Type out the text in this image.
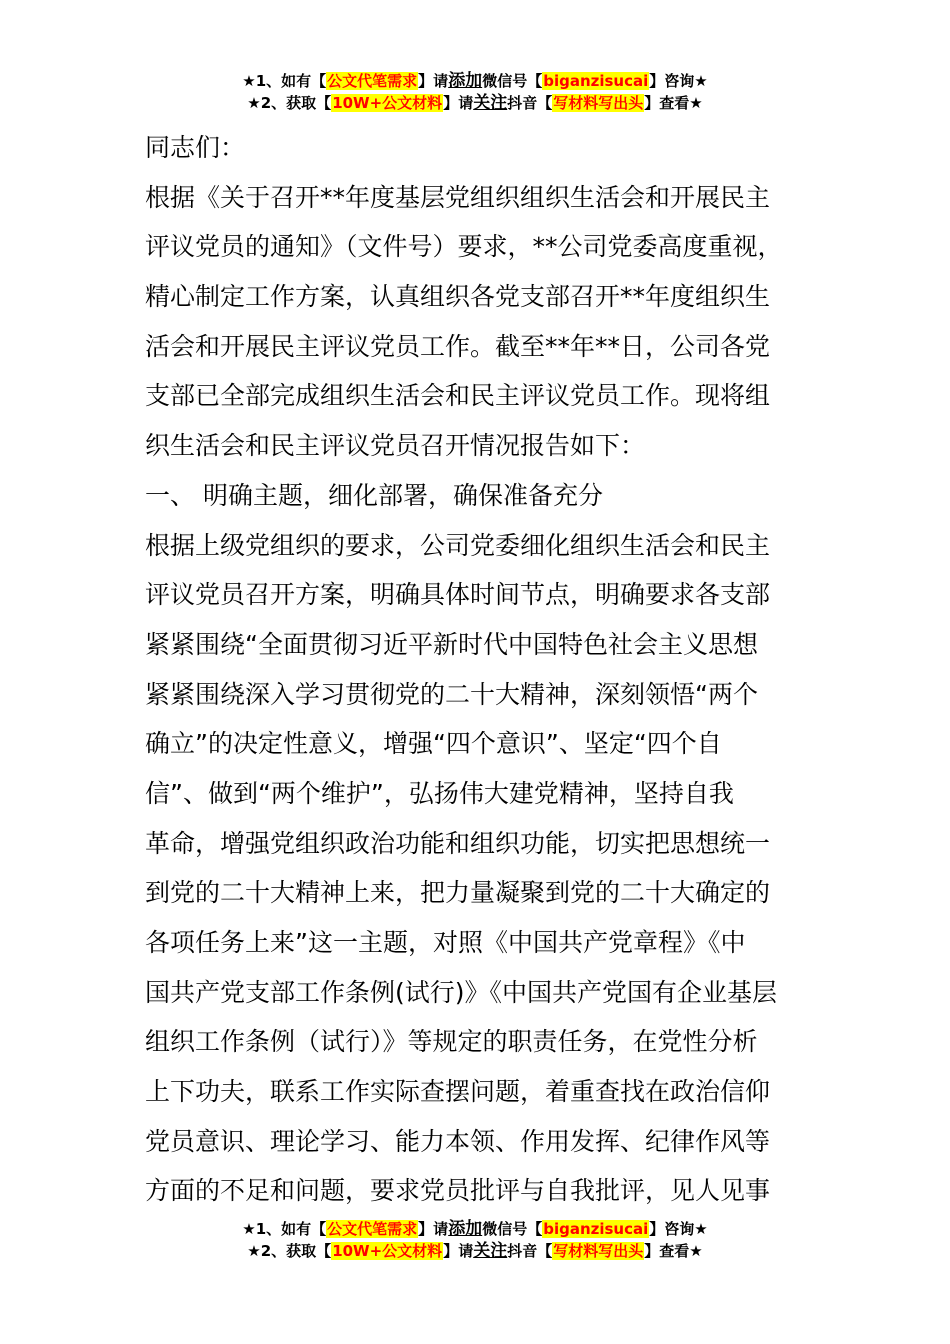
★1、如有【公文代笔需求】请添加微信号【biganzisucai】咨询★
★2、获取【10W+公文材料】请关注抖音【写材料写出头】查看★
同志们：
根据《关于召开**年度基层党组织组织生活会和开展民主
评议党员的通知》（文件号）要求，**公司党委高度重视，
精心制定工作方案，认真组织各党支部召开**年度组织生
活会和开展民主评议党员工作。截至**年**日，公司各党
支部已全部完成组织生活会和民主评议党员工作。现将组
织生活会和民主评议党员召开情况报告如下：
一、 明确主题，细化部署，确保准备充分
根据上级党组织的要求，公司党委细化组织生活会和民主
评议党员召开方案，明确具体时间节点，明确要求各支部
紧紧围绕“全面贯彻习近平新时代中国特色社会主义思想
紧紧围绕深入学习贯彻党的二十大精神，深刻领悟“两个
确立”的决定性意义，增强“四个意识”、坚定“四个自
信”、做到“两个维护”，弘扬伟大建党精神，坚持自我
革命，增强党组织政治功能和组织功能，切实把思想统一
到党的二十大精神上来，把力量凝聚到党的二十大确定的
各项任务上来”这一主题，对照《中国共产党章程》《中
国共产党支部工作条例(试行)》《中国共产党国有企业基层
组织工作条例（试行）》等规定的职责任务，在党性分析
上下功夫，联系工作实际查摆问题，着重查找在政治信仰
党员意识、理论学习、能力本领、作用发挥、纪律作风等
方面的不足和问题，要求党员批评与自我批评，见人见事
★1、如有【公文代笔需求】请添加微信号【biganzisucai】咨询★
★2、获取【10W+公文材料】请关注抖音【写材料写出头】查看★
